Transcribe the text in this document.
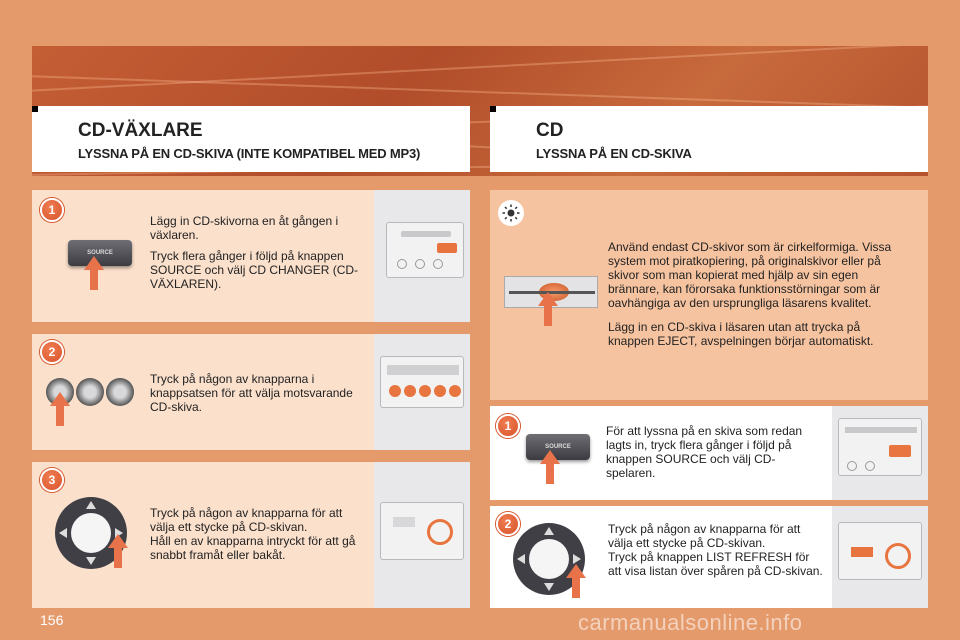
CD-VÄXLARE
LYSSNA PÅ EN CD-SKIVA (INTE KOMPATIBEL MED MP3)
CD
LYSSNA PÅ EN CD-SKIVA
1
SOURCE

Lägg in CD-skivorna en åt gången i växlaren.

Tryck flera gånger i följd på knappen SOURCE och välj CD CHANGER (CD-VÄXLAREN).

2

Tryck på någon av knapparna i knappsatsen för att välja motsvarande CD-skiva.

3

Tryck på någon av knapparna för att välja ett stycke på CD-skivan.

Håll en av knapparna intryckt för att gå snabbt framåt eller bakåt.

Använd endast CD-skivor som är cirkelformiga. Vissa system mot piratkopiering, på originalskivor eller på skivor som man kopierat med hjälp av sin egen brännare, kan förorsaka funktionsstörningar som är oavhängiga av den ursprungliga läsarens kvalitet.

Lägg in en CD-skiva i läsaren utan att trycka på knappen EJECT, avspelningen börjar automatiskt.

1
SOURCE

För att lyssna på en skiva som redan lagts in, tryck flera gånger i följd på knappen SOURCE och välj CD-spelaren.

2	Tryck på någon av knapparna för att välja ett stycke på CD-skivan.

Tryck på knappen LIST REFRESH för att visa listan över spåren på CD-skivan.

156	carmanualsonline.info
